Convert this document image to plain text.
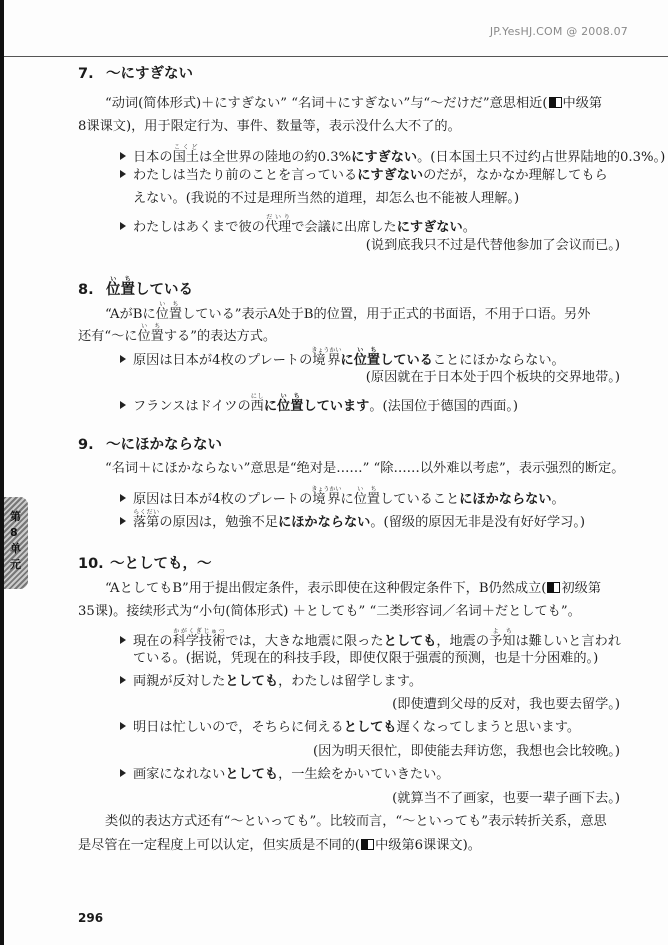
JP.YesHJ.COM @ 2008.07
第8单元
7. ～にすぎない
8. 位置いちしている
9. ～にほかならない
10. ～としても，～
“动词(简体形式)＋にすぎない” “名词＋にすぎない”与“～だけだ”意思相近( 中级第
8课课文)，用于限定行为、事件、数量等，表示没什么大不了的。
日本の国土こくどは全世界の陸地の約0.3%にすぎない。(日本国土只不过约占世界陆地的0.3%。)
わたしは当たり前のことを言っているにすぎないのだが，なかなか理解してもら
えない。(我说的不过是理所当然的道理，却怎么也不能被人理解。)
わたしはあくまで彼の代理だいりで会議に出席したにすぎない。
(说到底我只不过是代替他参加了会议而已。)
“AがBに位置いちしている”表示A处于B的位置，用于正式的书面语，不用于口语。另外
还有“～に位置いちする”的表达方式。
原因は日本が4枚のプレートの境界きょうかいに位置いちしていることにほかならない。
(原因就在于日本处于四个板块的交界地带。)
フランスはドイツの西にしに位置いちしています。(法国位于德国的西面。)
“名词＋にほかならない”意思是“绝对是……” “除……以外难以考虑”，表示强烈的断定。
原因は日本が4枚のプレートの境界きょうかいに位置いちしていることにほかならない。
落第らくだいの原因は，勉強不足にほかならない。(留级的原因无非是没有好好学习。)
“AとしてもB”用于提出假定条件，表示即使在这种假定条件下，B仍然成立( 初级第
35课)。接续形式为“小句(简体形式) ＋としても” “二类形容词／名词＋だとしても”。
現在の科学技術かがくぎじゅつでは，大きな地震に限ったとしても，地震の予知よちは難しいと言われ
ている。(据说，凭现在的科技手段，即使仅限于强震的预测，也是十分困难的。)
両親が反対したとしても，わたしは留学します。
(即使遭到父母的反对，我也要去留学。)
明日は忙しいので，そちらに伺えるとしても遅くなってしまうと思います。
(因为明天很忙，即使能去拜访您，我想也会比较晚。)
画家になれないとしても，一生絵をかいていきたい。
(就算当不了画家，也要一辈子画下去。)
类似的表达方式还有“～といっても”。比较而言，“～といっても”表示转折关系，意思
是尽管在一定程度上可以认定，但实质是不同的( 中级第6课课文)。
296
